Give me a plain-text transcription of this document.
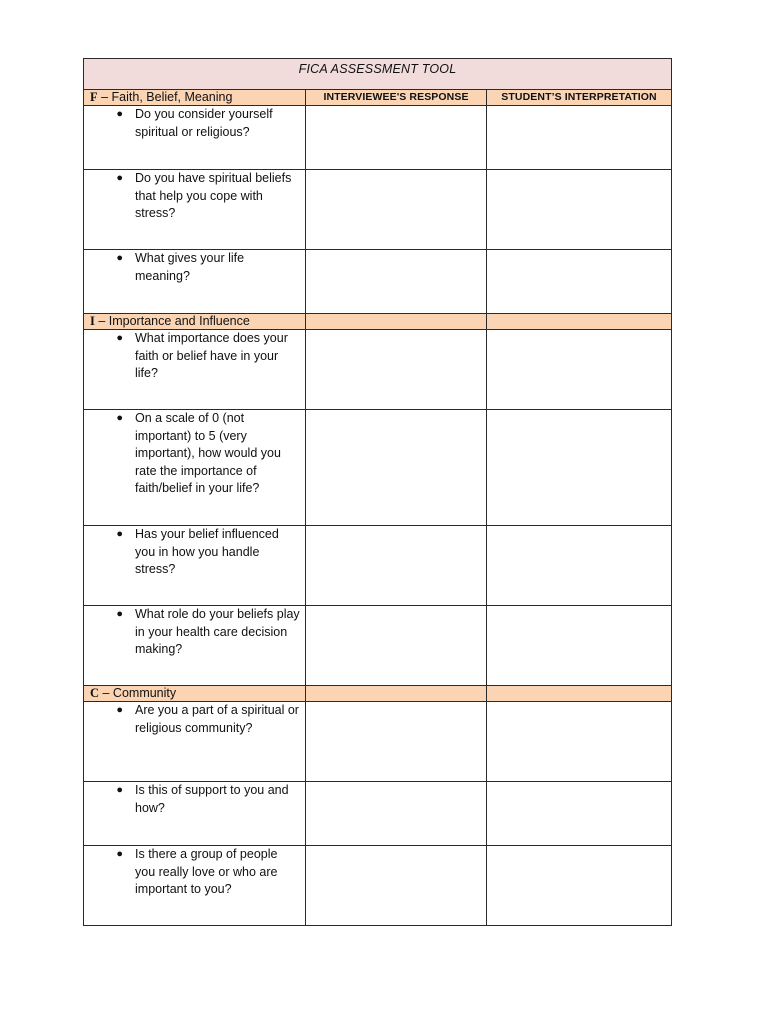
FICA ASSESSMENT TOOL		

F – Faith, Belief, Meaning	INTERVIEWEE'S RESPONSE	STUDENT’S INTERPRETATION

● Do you consider yourself spiritual or religious?		

● Do you have spiritual beliefs that help you cope with stress?		

● What gives your life meaning?		

I – Importance and Influence		

● What importance does your faith or belief have in your life?		

● On a scale of 0 (not important) to 5 (very important), how would you rate the importance of faith/belief in your life?		

● Has your belief influenced you in how you handle stress?		

● What role do your beliefs play in your health care decision making?		

C – Community		

● Are you a part of a spiritual or religious community?		

● Is this of support to you and how?		

● Is there a group of people you really love or who are important to you?		
